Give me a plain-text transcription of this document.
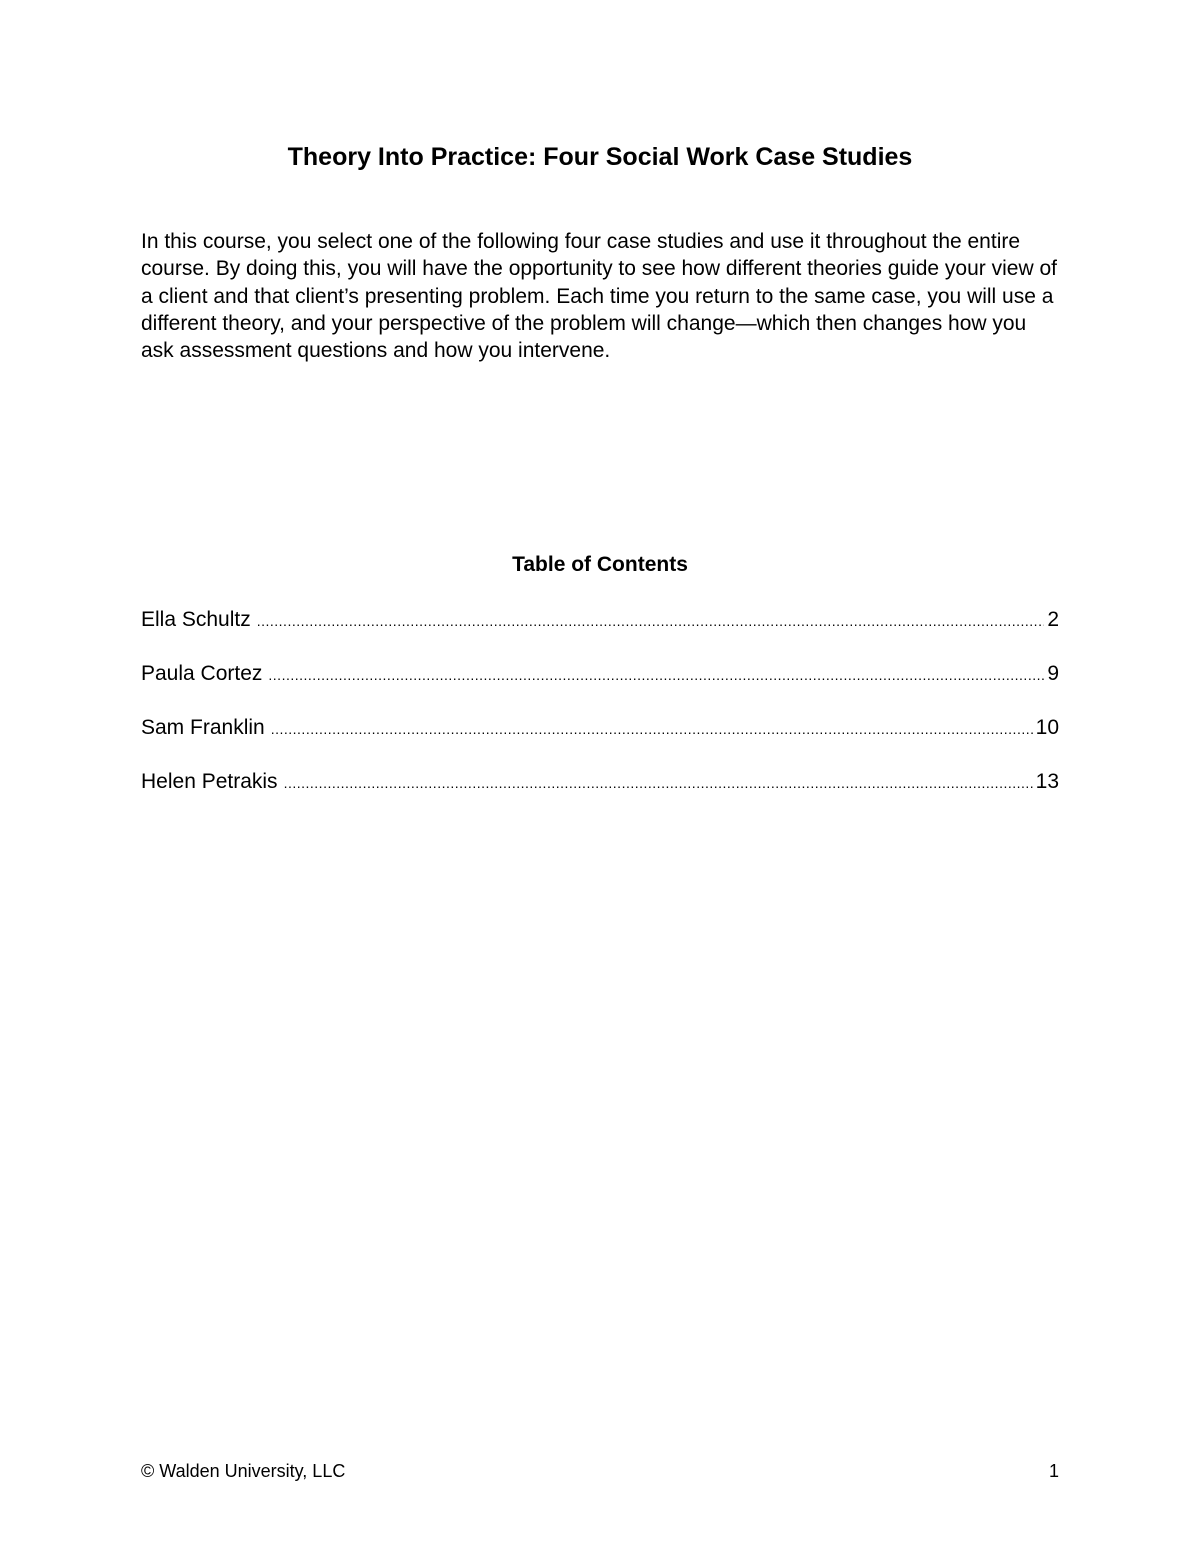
Theory Into Practice: Four Social Work Case Studies

In this course, you select one of the following four case studies and use it throughout the entire course. By doing this, you will have the opportunity to see how different theories guide your view of a client and that client’s presenting problem. Each time you return to the same case, you will use a different theory, and your perspective of the problem will change—which then changes how you ask assessment questions and how you intervene.

Table of Contents
Ella Schultz .....	2
Paula Cortez .....	9
Sam Franklin .....	10
Helen Petrakis .....	13

© Walden University, LLC	1
